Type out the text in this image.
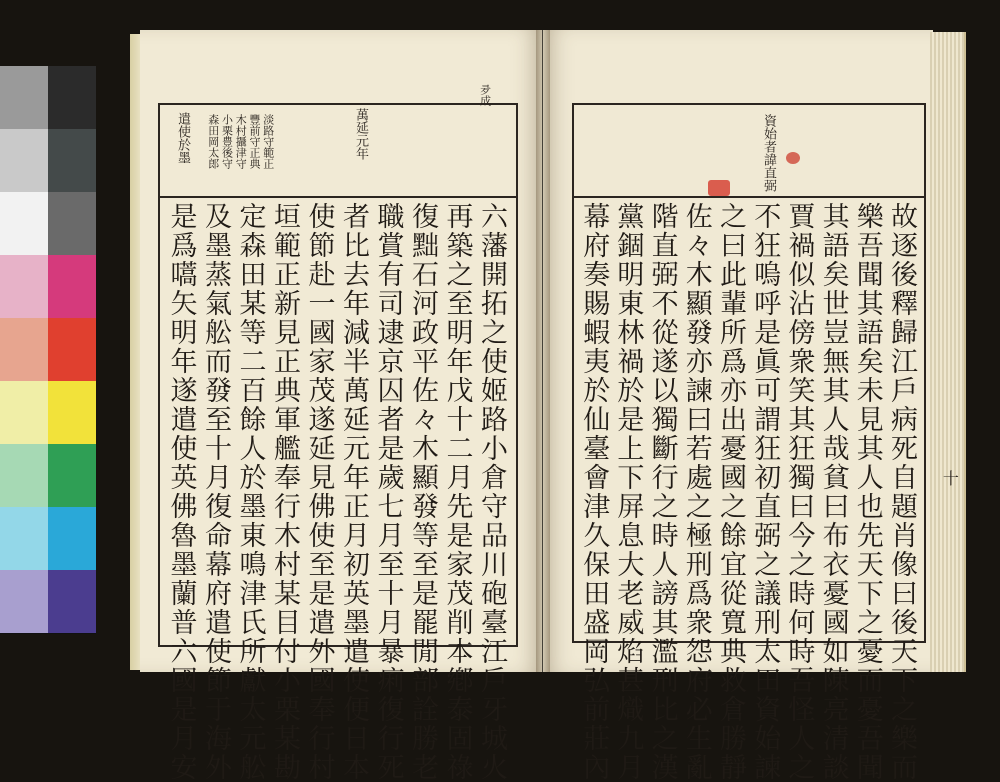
夛成
遣使於墨	淡路守範正
豐前守正典
木村攝津守
小栗豊後守
森田岡太郎	萬延元年
六藩開拓之使姬路小倉守品川砲臺江戶牙城火
再築之至明年戊十二月先是家茂削本鄕泰固祿
復黜石河政平佐々木顯發等至是罷閒部詮勝老
職賞有司逮京囚者是歲七月至十月暴痢復行死
者比去年減半萬延元年正月初英墨遣使便日本
使節赴一國家茂遂延見佛使至是遣外國奉行村
垣範正新見正典軍艦奉行木村某目付小栗某勘
定森田某等二百餘人於墨東鳴津氏所獻太元舩
及墨蒸氣舩而發至十月復命幕府遣使節于海外
是爲嚆矢明年遂遣使英佛魯墨蘭普六國是月安
資始者諱直弼
故逐後釋歸江戶病死自題肖像曰後天下之樂而
樂吾聞其語矣未見其人也先天下之憂而憂吾聞
其語矣世豈無其人哉貧曰布衣憂國如陳亮清談
賈禍似沾傍衆笑其狂獨曰今之時何時吾怪人之
不狂嗚呼是眞可謂狂初直弼之議刑太田資始諫
之曰此輩所爲亦出憂國之餘宜從寬典救倉勝靜
佐々木顯發亦諫曰若處之極刑爲衆怨府必生亂
階直弼不從遂以獨斷行之時人謗其濫刑比之漢
黨錮明東林禍於是上下屏息大老威焰甚熾九月
幕府奏賜蝦夷於仙臺會津久保田盛岡弘前莊內	十
